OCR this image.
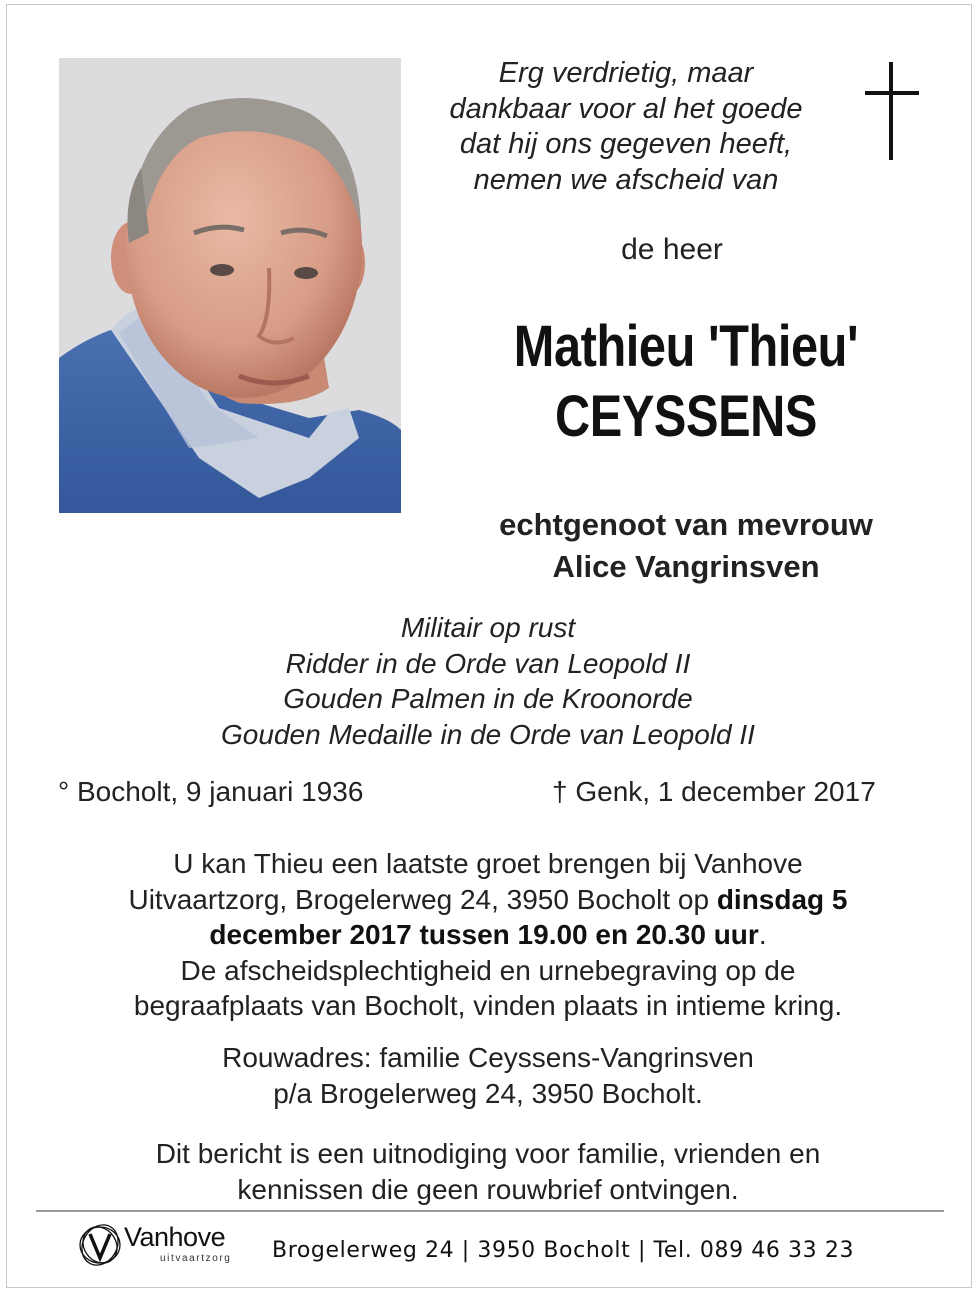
Erg verdrietig, maar
dankbaar voor al het goede
dat hij ons gegeven heeft,
nemen we afscheid van
de heer
Mathieu 'Thieu'
CEYSSENS
echtgenoot van mevrouw
Alice Vangrinsven
Militair op rust
Ridder in de Orde van Leopold II
Gouden Palmen in de Kroonorde
Gouden Medaille in de Orde van Leopold II
° Bocholt, 9 januari 1936	† Genk, 1 december 2017
U kan Thieu een laatste groet brengen bij Vanhove
Uitvaartzorg, Brogelerweg 24, 3950 Bocholt op dinsdag 5
december 2017 tussen 19.00 en 20.30 uur.
De afscheidsplechtigheid en urnebegraving op de
begraafplaats van Bocholt, vinden plaats in intieme kring.
Rouwadres: familie Ceyssens-Vangrinsven
p/a Brogelerweg 24, 3950 Bocholt.
Dit bericht is een uitnodiging voor familie, vrienden en
kennissen die geen rouwbrief ontvingen.
Vanhove
uitvaartzorg Brogelerweg 24 | 3950 Bocholt | Tel. 089 46 33 23
